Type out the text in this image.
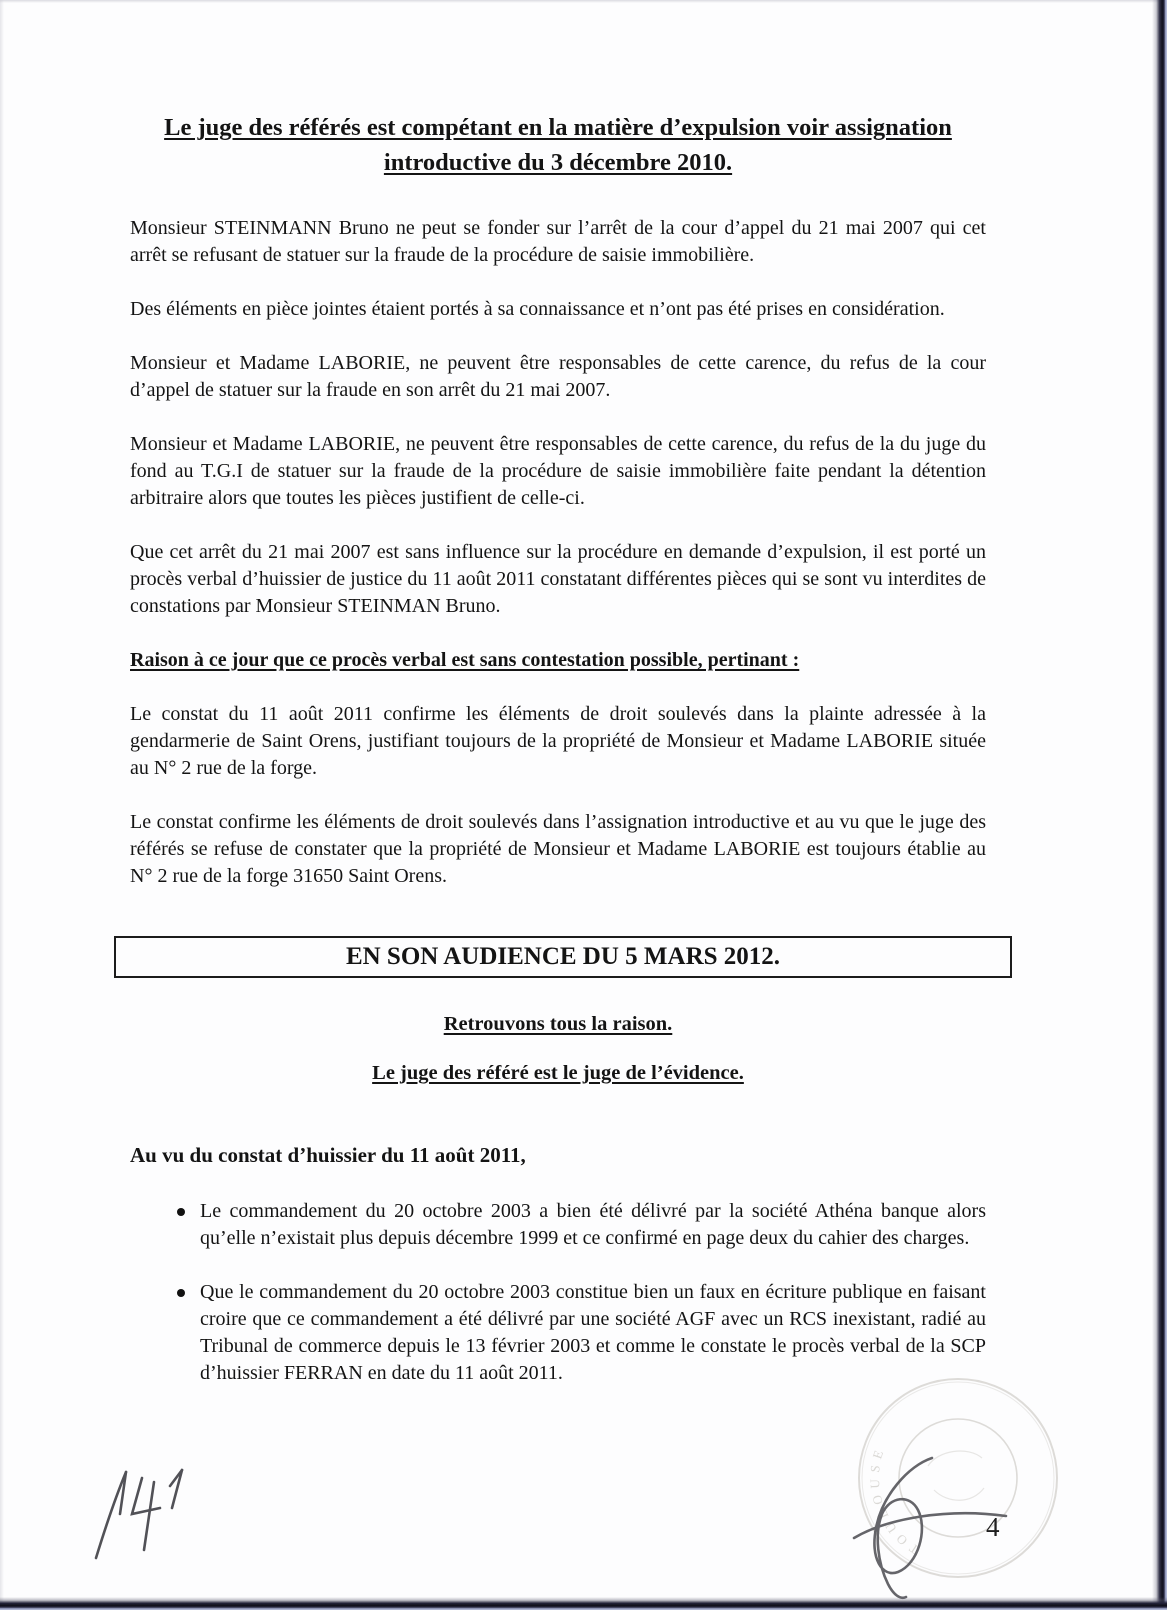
TOULOUSE
Le juge des référés est compétant en la matière d’expulsion voir assignation
introductive du 3 décembre 2010.

Monsieur STEINMANN Bruno ne peut se fonder sur l’arrêt de la cour d’appel du 21 mai 2007 qui cet arrêt se refusant de statuer sur la fraude de la procédure de saisie immobilière.

Des éléments en pièce jointes étaient portés à sa connaissance et n’ont pas été prises en considération.

Monsieur et Madame LABORIE, ne peuvent être responsables de cette carence, du refus de la cour d’appel de statuer sur la fraude en son arrêt du 21 mai 2007.

Monsieur et Madame LABORIE, ne peuvent être responsables de cette carence, du refus de la du juge du fond au T.G.I de statuer sur la fraude de la procédure de saisie immobilière faite pendant la détention arbitraire alors que toutes les pièces justifient de celle-ci.

Que cet arrêt du 21 mai 2007 est sans influence sur la procédure en demande d’expulsion, il est porté un procès verbal d’huissier de justice du 11 août 2011 constatant différentes pièces qui se sont vu interdites de constations par Monsieur STEINMAN Bruno.

Raison à ce jour que ce procès verbal est sans contestation possible, pertinant :

Le constat du 11 août 2011 confirme les éléments de droit soulevés dans la plainte adressée à la gendarmerie de Saint Orens, justifiant toujours de la propriété de Monsieur et Madame LABORIE située au N° 2 rue de la forge.

Le constat confirme les éléments de droit soulevés dans l’assignation introductive et au vu que le juge des référés se refuse de constater que la propriété de Monsieur et Madame LABORIE est toujours établie au N° 2 rue de la forge 31650 Saint Orens.

EN SON AUDIENCE DU 5 MARS 2012.
Retrouvons tous la raison.
Le juge des référé est le juge de l’évidence.
Au vu du constat d’huissier du 11 août 2011,
Le commandement du 20 octobre 2003 a bien été délivré par la société Athéna banque alors qu’elle n’existait plus depuis décembre 1999 et ce confirmé en page deux du cahier des charges.
Que le commandement du 20 octobre 2003 constitue bien un faux en écriture publique en faisant croire que ce commandement a été délivré par une société AGF avec un RCS inexistant, radié au Tribunal de commerce depuis le 13 février 2003 et comme le constate le procès verbal de la SCP d’huissier FERRAN en date du 11 août 2011.
4
